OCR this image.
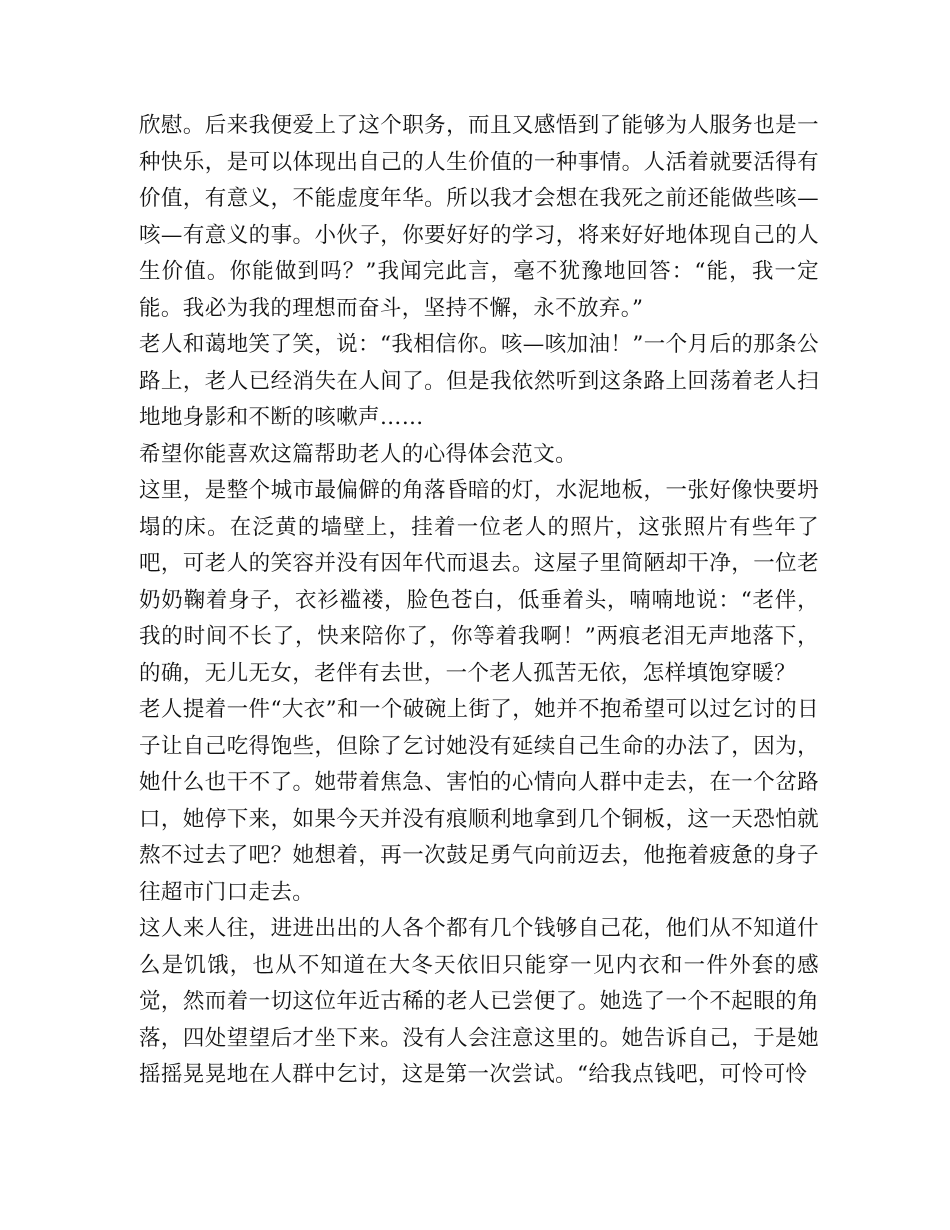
欣慰。后来我便爱上了这个职务，而且又感悟到了能够为人服务也是一种快乐，是可以体现出自己的人生价值的一种事情。人活着就要活得有价值，有意义，不能虚度年华。所以我才会想在我死之前还能做些咳—咳—有意义的事。小伙子，你要好好的学习，将来好好地体现自己的人生价值。你能做到吗？”我闻完此言，毫不犹豫地回答：“能，我一定能。我必为我的理想而奋斗，坚持不懈，永不放弃。”

老人和蔼地笑了笑，说：“我相信你。咳—咳加油！”一个月后的那条公路上，老人已经消失在人间了。但是我依然听到这条路上回荡着老人扫地地身影和不断的咳嗽声……

希望你能喜欢这篇帮助老人的心得体会范文。

这里，是整个城市最偏僻的角落昏暗的灯，水泥地板，一张好像快要坍塌的床。在泛黄的墙壁上，挂着一位老人的照片，这张照片有些年了吧，可老人的笑容并没有因年代而退去。这屋子里简陋却干净，一位老奶奶鞠着身子，衣衫褴褛，脸色苍白，低垂着头，喃喃地说：“老伴，我的时间不长了，快来陪你了，你等着我啊！”两痕老泪无声地落下，的确，无儿无女，老伴有去世，一个老人孤苦无依，怎样填饱穿暖？

老人提着一件“大衣”和一个破碗上街了，她并不抱希望可以过乞讨的日子让自己吃得饱些，但除了乞讨她没有延续自己生命的办法了，因为，她什么也干不了。她带着焦急、害怕的心情向人群中走去，在一个岔路口，她停下来，如果今天并没有痕顺利地拿到几个铜板，这一天恐怕就熬不过去了吧？她想着，再一次鼓足勇气向前迈去，他拖着疲惫的身子往超市门口走去。

这人来人往，进进出出的人各个都有几个钱够自己花，他们从不知道什么是饥饿，也从不知道在大冬天依旧只能穿一见内衣和一件外套的感觉，然而着一切这位年近古稀的老人已尝便了。她选了一个不起眼的角落，四处望望后才坐下来。没有人会注意这里的。她告诉自己，于是她摇摇晃晃地在人群中乞讨，这是第一次尝试。“给我点钱吧，可怜可怜
